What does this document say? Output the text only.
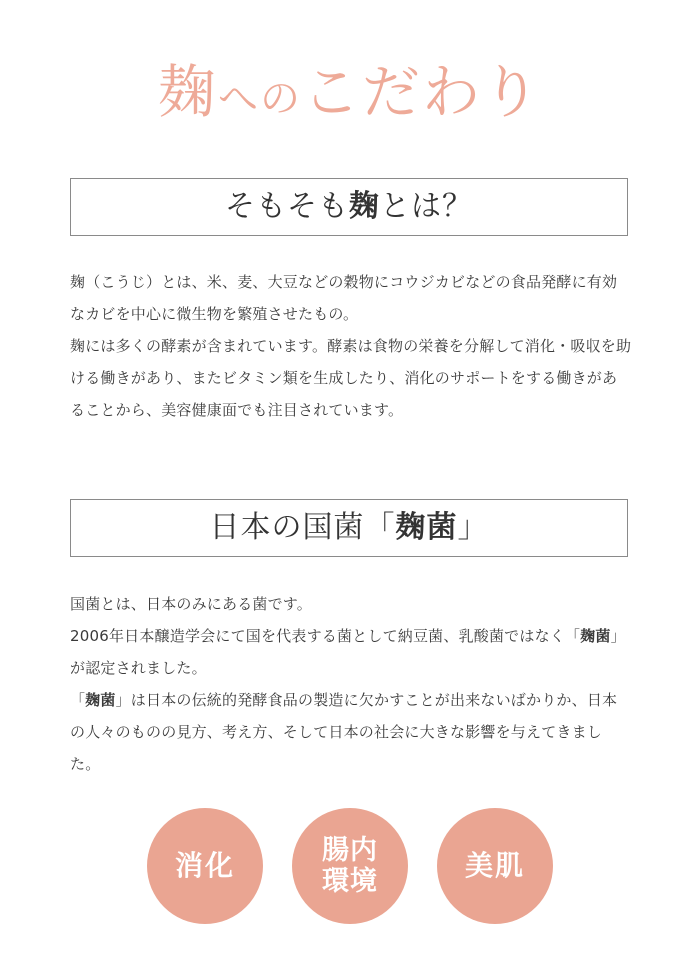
麹へのこだわり
そもそも麹とは？

麹（こうじ）とは、米、麦、大豆などの穀物にコウジカビなどの食品発酵に有効なカビを中心に微生物を繁殖させたもの。

麹には多くの酵素が含まれています。酵素は食物の栄養を分解して消化・吸収を助ける働きがあり、またビタミン類を生成したり、消化のサポートをする働きがあることから、美容健康面でも注目されています。

日本の国菌「麹菌」

国菌とは、日本のみにある菌です。

2006年日本醸造学会にて国を代表する菌として納豆菌、乳酸菌ではなく「麹菌」が認定されました。

「麹菌」は日本の伝統的発酵食品の製造に欠かすことが出来ないばかりか、日本の人々のものの見方、考え方、そして日本の社会に大きな影響を与えてきました。

消化	腸内
環境	美肌
